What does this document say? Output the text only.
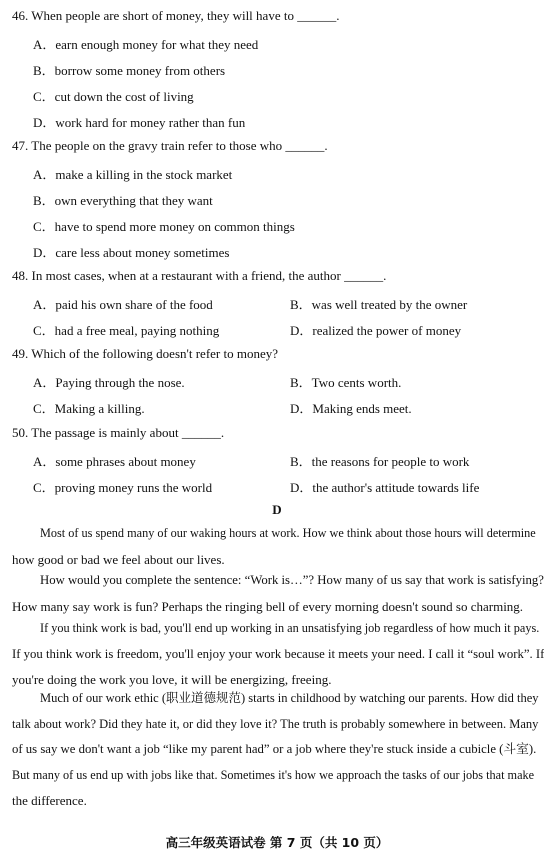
46. When people are short of money, they will have to ______.
A．earn enough money for what they need
B．borrow some money from others
C．cut down the cost of living
D．work hard for money rather than fun
47. The people on the gravy train refer to those who ______.
A．make a killing in the stock market
B．own everything that they want
C．have to spend more money on common things
D．care less about money sometimes
48. In most cases, when at a restaurant with a friend, the author ______.
A．paid his own share of the food	B．was well treated by the owner
C．had a free meal, paying nothing	D．realized the power of money
49. Which of the following doesn't refer to money?
A．Paying through the nose.	B．Two cents worth.
C．Making a killing.	D．Making ends meet.
50. The passage is mainly about ______.
A．some phrases about money	B．the reasons for people to work
C．proving money runs the world	D．the author's attitude towards life
D
Most of us spend many of our waking hours at work. How we think about those hours will determine
how good or bad we feel about our lives.
How would you complete the sentence: “Work is…”? How many of us say that work is satisfying?
How many say work is fun? Perhaps the ringing bell of every morning doesn't sound so charming.
If you think work is bad, you'll end up working in an unsatisfying job regardless of how much it pays.
If you think work is freedom, you'll enjoy your work because it meets your need. I call it “soul work”. If
you're doing the work you love, it will be energizing, freeing.
Much of our work ethic (职业道德规范) starts in childhood by watching our parents. How did they
talk about work? Did they hate it, or did they love it? The truth is probably somewhere in between. Many
of us say we don't want a job “like my parent had” or a job where they're stuck inside a cubicle (斗室).
But many of us end up with jobs like that. Sometimes it's how we approach the tasks of our jobs that make
the difference.
高三年级英语试卷 第 7 页（共 10 页）
